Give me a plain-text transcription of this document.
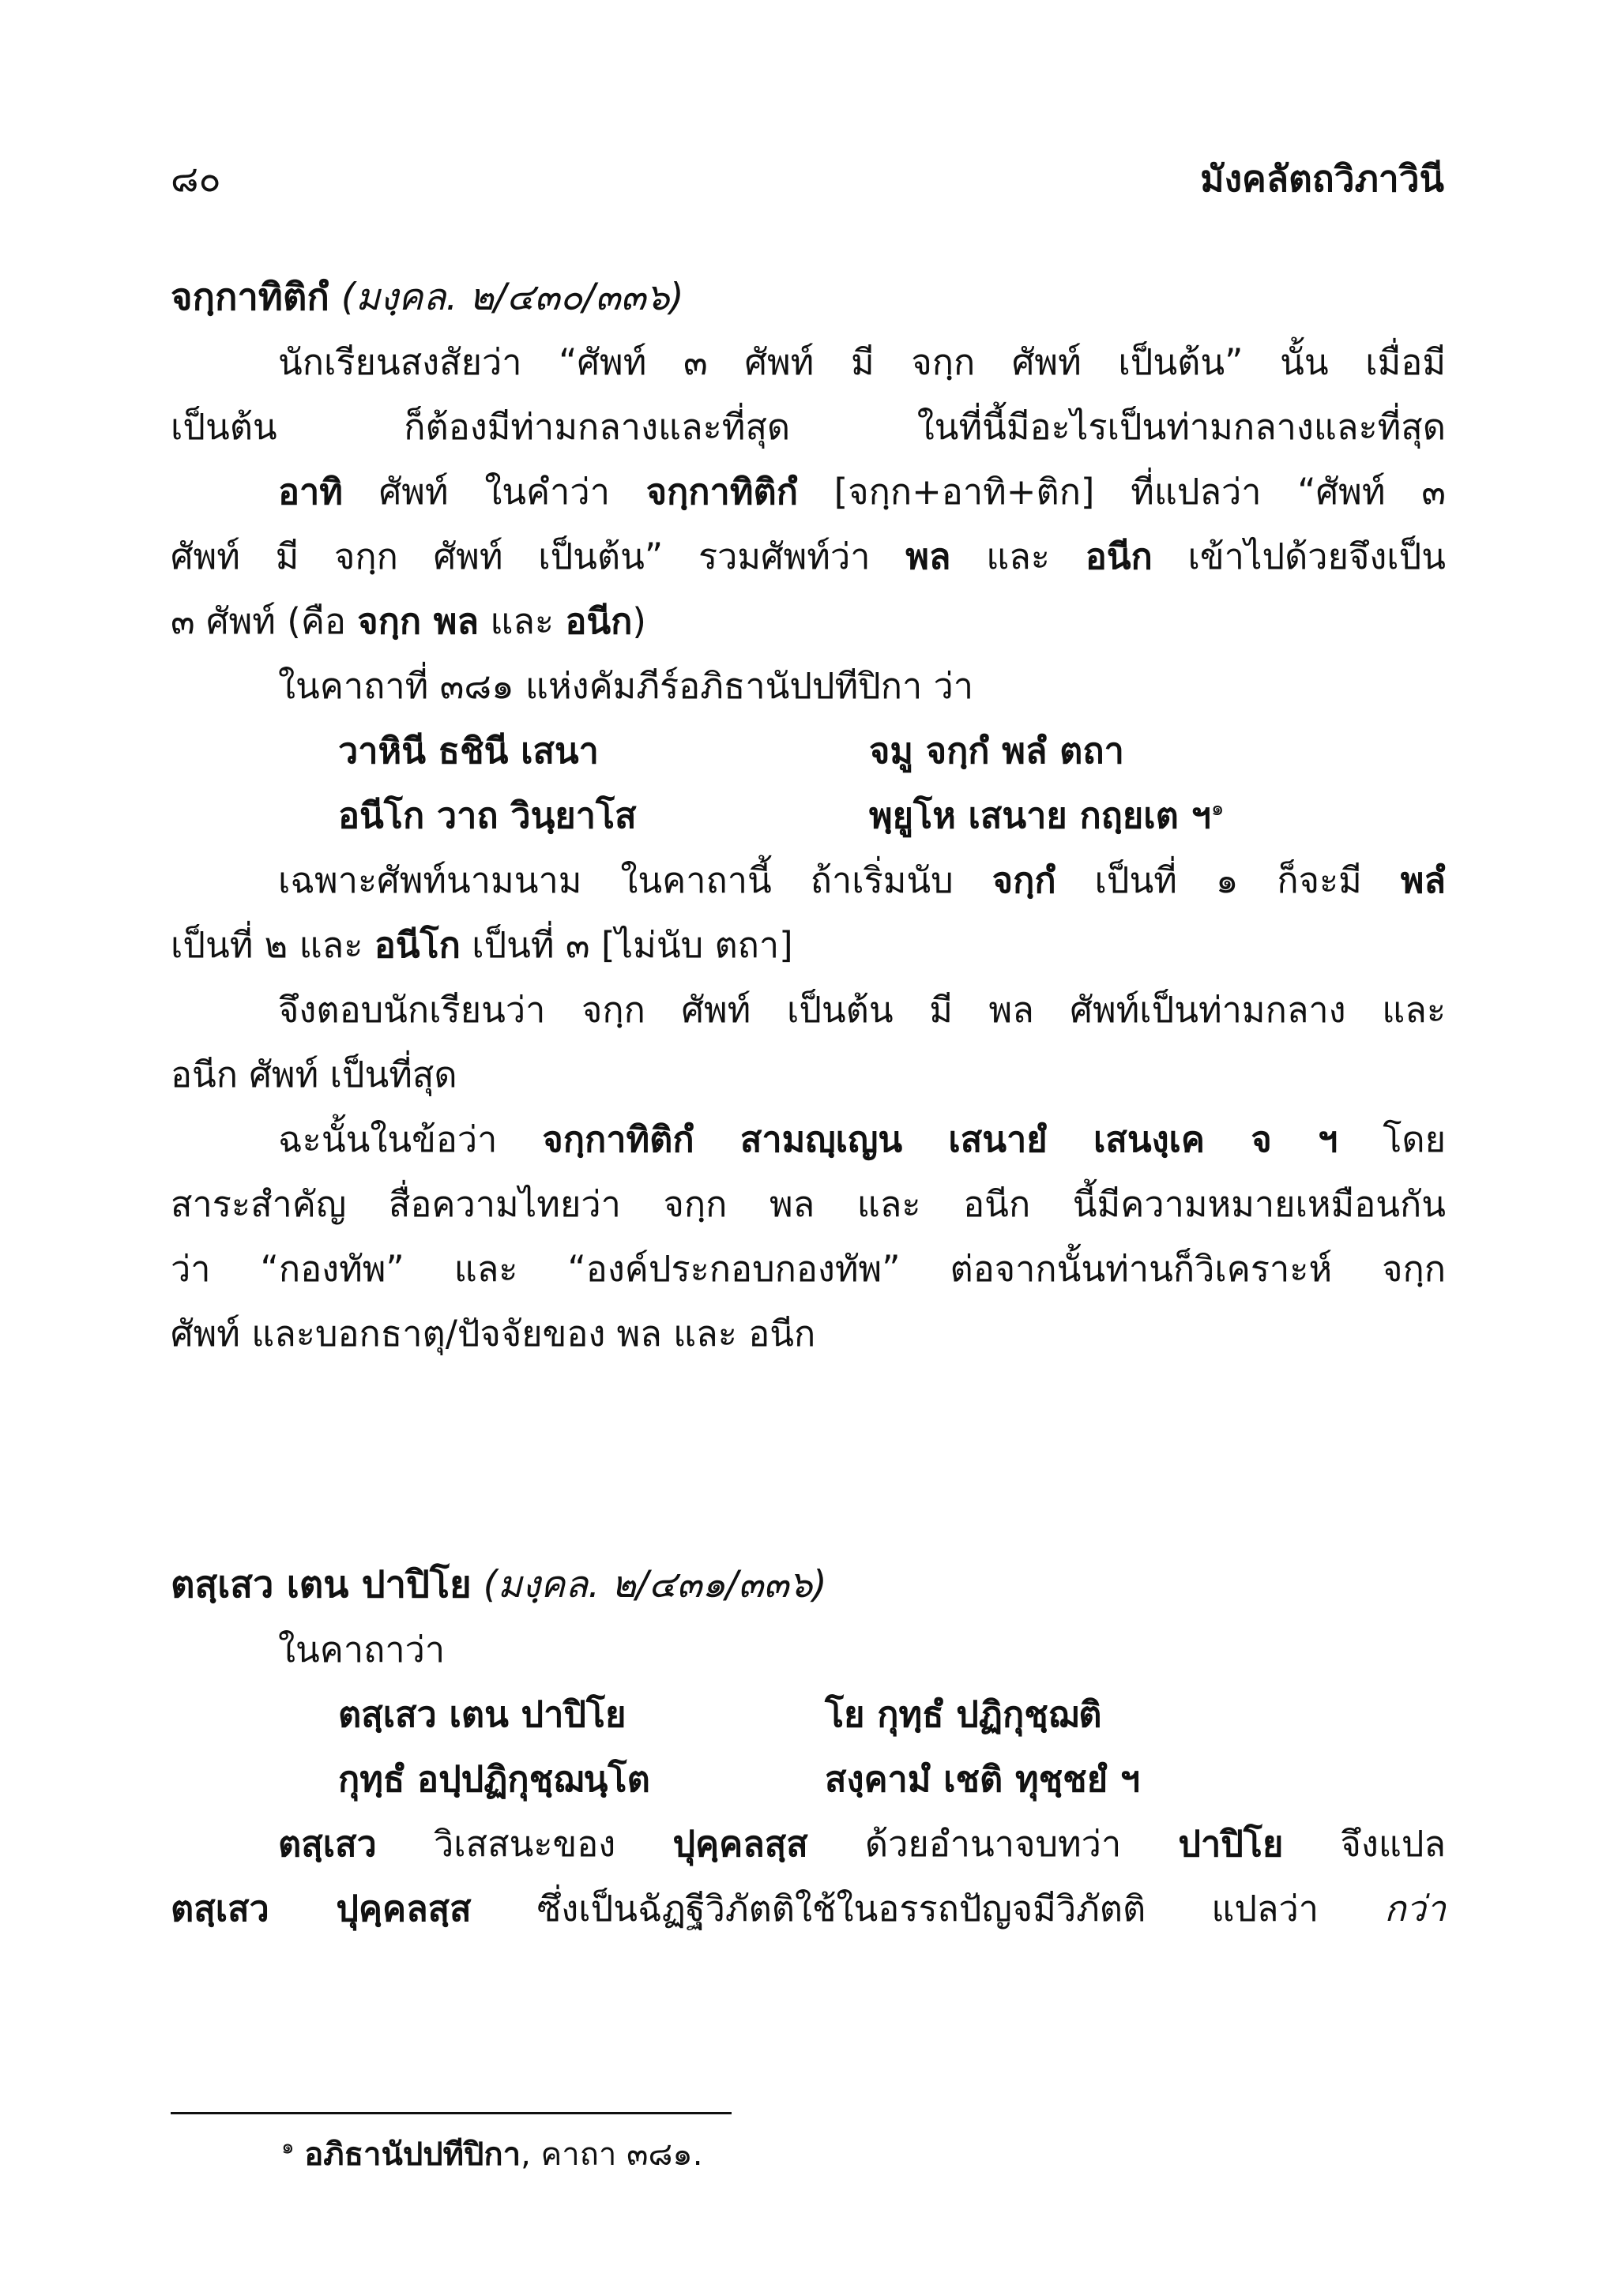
๘๐	มังคลัตถวิภาวินี
จกฺกาทิติกํ (มงฺคล. ๒/๔๓๐/๓๓๖)
นักเรียนสงสัยว่า “ศัพท์ ๓ ศัพท์ มี จกฺก ศัพท์ เป็นต้น” นั้น เมื่อมี
เป็นต้น ก็ต้องมีท่ามกลางและที่สุด ในที่นี้มีอะไรเป็นท่ามกลางและที่สุด
อาทิ ศัพท์ ในคำว่า จกฺกาทิติกํ [จกฺก+อาทิ+ติก] ที่แปลว่า “ศัพท์ ๓
ศัพท์ มี จกฺก ศัพท์ เป็นต้น” รวมศัพท์ว่า พล และ อนีก เข้าไปด้วยจึงเป็น
๓ ศัพท์ (คือ จกฺก พล และ อนีก)
ในคาถาที่ ๓๘๑ แห่งคัมภีร์อภิธานัปปทีปิกา ว่า
วาหินี ธชินี เสนา	จมู จกฺกํ พลํ ตถา
อนีโก วาถ วินฺยาโส	พฺยูโห เสนาย กถฺยเต ฯ$^๑$
เฉพาะศัพท์นามนาม ในคาถานี้ ถ้าเริ่มนับ จกฺกํ เป็นที่ ๑ ก็จะมี พลํ
เป็นที่ ๒ และ อนีโก เป็นที่ ๓ [ไม่นับ ตถา]
จึงตอบนักเรียนว่า จกฺก ศัพท์ เป็นต้น มี พล ศัพท์เป็นท่ามกลาง และ
อนีก ศัพท์ เป็นที่สุด
ฉะนั้นในข้อว่า จกฺกาทิติกํ สามญฺเญน เสนายํ เสนงฺเค จ ฯ โดย
สาระสำคัญ สื่อความไทยว่า จกฺก พล และ อนีก นี้มีความหมายเหมือนกัน
ว่า “กองทัพ” และ “องค์ประกอบกองทัพ” ต่อจากนั้นท่านก็วิเคราะห์ จกฺก
ศัพท์ และบอกธาตุ/ปัจจัยของ พล และ อนีก
ตสฺเสว เตน ปาปิโย (มงฺคล. ๒/๔๓๑/๓๓๖)
ในคาถาว่า
ตสฺเสว เตน ปาปิโย	โย กุทฺธํ ปฏิกุชฺฌติ
กุทฺธํ อปฺปฏิกุชฺฌนฺโต	สงฺคามํ เชติ ทุชฺชยํ ฯ
ตสฺเสว วิเสสนะของ ปุคฺคลสฺส ด้วยอำนาจบทว่า ปาปิโย จึงแปล
ตสฺเสว ปุคฺคลสฺส ซึ่งเป็นฉัฏฐีวิภัตติใช้ในอรรถปัญจมีวิภัตติ แปลว่า กว่า
$^๑$ อภิธานัปปทีปิกา, คาถา ๓๘๑.
